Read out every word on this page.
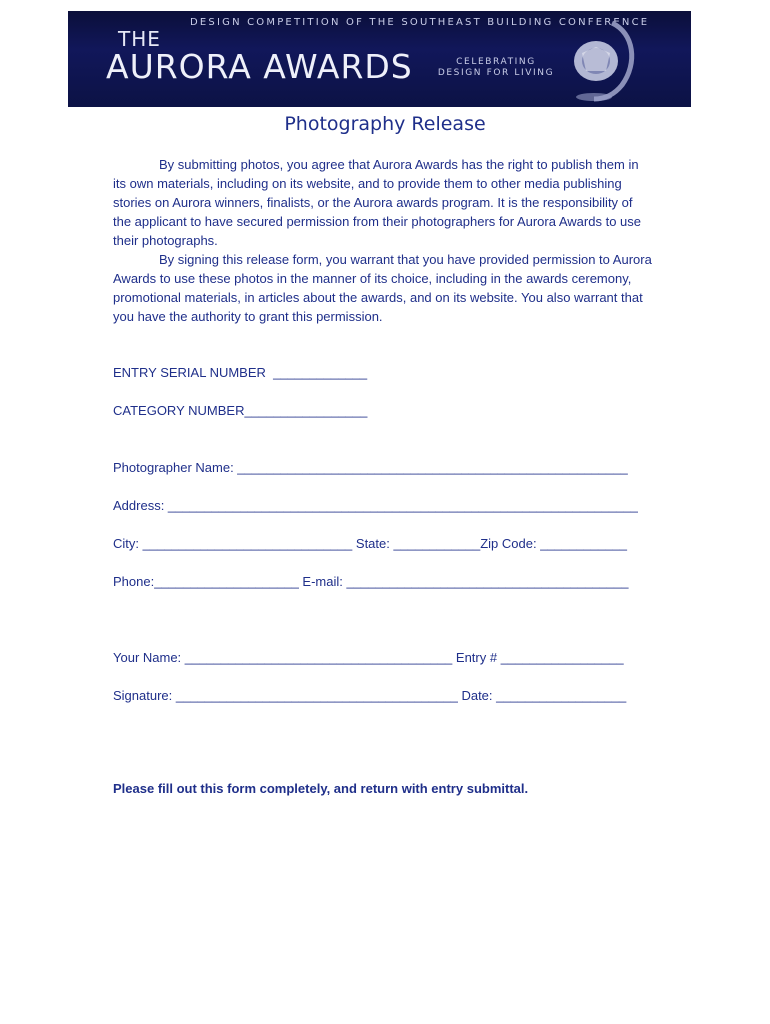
DESIGN COMPETITION OF THE SOUTHEAST BUILDING CONFERENCE
THE
AURORA AWARDS	CELEBRATING DESIGN FOR LIVING
Photography Release

By submitting photos, you agree that Aurora Awards has the right to publish them in its own materials, including on its website, and to provide them to other media publishing stories on Aurora winners, finalists, or the Aurora awards program. It is the responsibility of the applicant to have secured permission from their photographers for Aurora Awards to use their photographs.

By signing this release form, you warrant that you have provided permission to Aurora Awards to use these photos in the manner of its choice, including in the awards ceremony, promotional materials, in articles about the awards, and on its website. You also warrant that you have the authority to grant this permission.

ENTRY SERIAL NUMBER  _____________
CATEGORY NUMBER_________________
Photographer Name: ______________________________________________________
Address: _________________________________________________________________
City: _____________________________ State: ____________Zip Code: ____________
Phone:____________________ E-mail: _______________________________________
Your Name: _____________________________________ Entry # _________________
Signature: _______________________________________ Date: __________________
Please fill out this form completely, and return with entry submittal.
